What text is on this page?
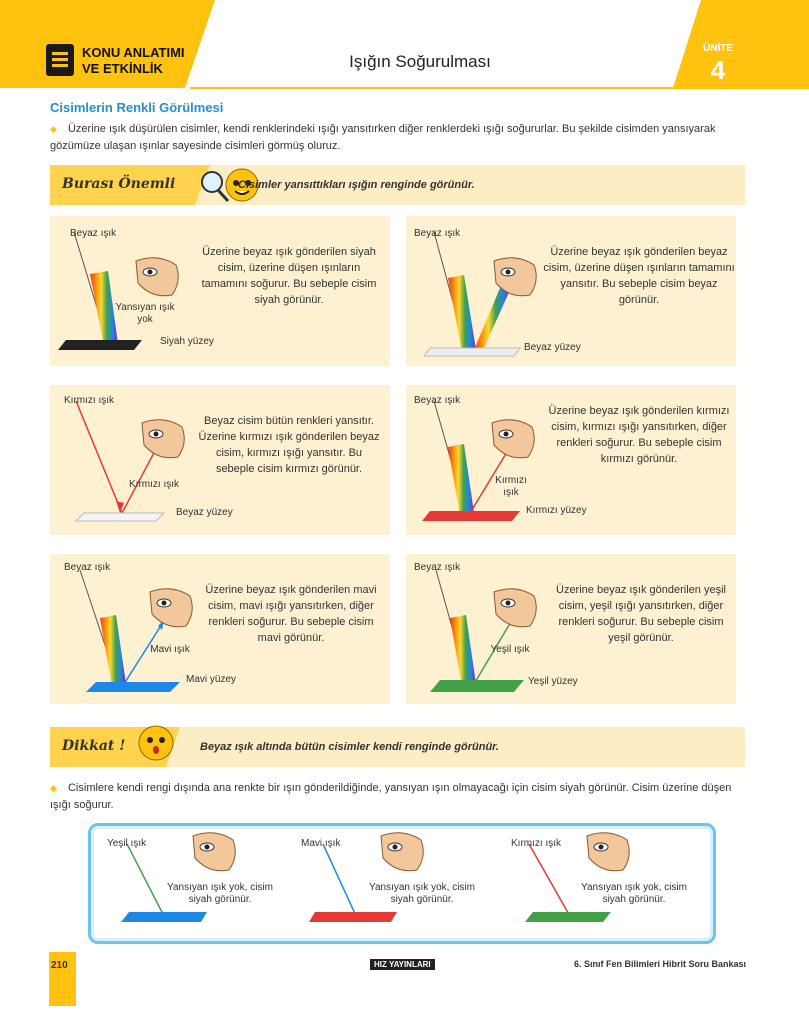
KONU ANLATIMI
VE ETKİNLİK	Işığın Soğurulması
ÜNİTE
4
Cisimlerin Renkli Görülmesi
◆ Üzerine ışık düşürülen cisimler, kendi renklerindeki ışığı yansıtırken diğer renklerdeki ışığı soğururlar. Bu şekilde cisimden yansıyarak gözümüze ulaşan ışınlar sayesinde cisimleri görmüş oluruz.
Burası Önemli	Cisimler yansıttıkları ışığın renginde görünür.
Beyaz ışık
Yansıyan ışık yok
Siyah yüzey
Üzerine beyaz ışık gönderilen siyah cisim, üzerine düşen ışınların tamamını soğurur. Bu sebeple cisim siyah görünür.
Beyaz ışık
Beyaz yüzey
Üzerine beyaz ışık gönderilen beyaz cisim, üzerine düşen ışınların tamamını yansıtır. Bu sebeple cisim beyaz görünür.
Kırmızı ışık
Kırmızı ışık
Beyaz yüzey
Beyaz cisim bütün renkleri yansıtır. Üzerine kırmızı ışık gönderilen beyaz cisim, kırmızı ışığı yansıtır. Bu sebeple cisim kırmızı görünür.
Beyaz ışık
Kırmızı ışık
Kırmızı yüzey
Üzerine beyaz ışık gönderilen kırmızı cisim, kırmızı ışığı yansıtırken, diğer renkleri soğurur. Bu sebeple cisim kırmızı görünür.
Beyaz ışık
Mavi ışık
Mavi yüzey
Üzerine beyaz ışık gönderilen mavi cisim, mavi ışığı yansıtırken, diğer renkleri soğurur. Bu sebeple cisim mavi görünür.
Beyaz ışık
Yeşil ışık
Yeşil yüzey
Üzerine beyaz ışık gönderilen yeşil cisim, yeşil ışığı yansıtırken, diğer renkleri soğurur. Bu sebeple cisim yeşil görünür.
Dikkat !	Beyaz ışık altında bütün cisimler kendi renginde görünür.
◆ Cisimlere kendi rengi dışında ana renkte bir ışın gönderildiğinde, yansıyan ışın olmayacağı için cisim siyah görünür. Cisim üzerine düşen ışığı soğurur.
Yeşil ışık
Yansıyan ışık yok, cisim siyah görünür.
Mavi ışık
Yansıyan ışık yok, cisim siyah görünür.
Kırmızı ışık
Yansıyan ışık yok, cisim siyah görünür.
210	HIZ YAYINLARI	6. Sınıf Fen Bilimleri Hibrit Soru Bankası
